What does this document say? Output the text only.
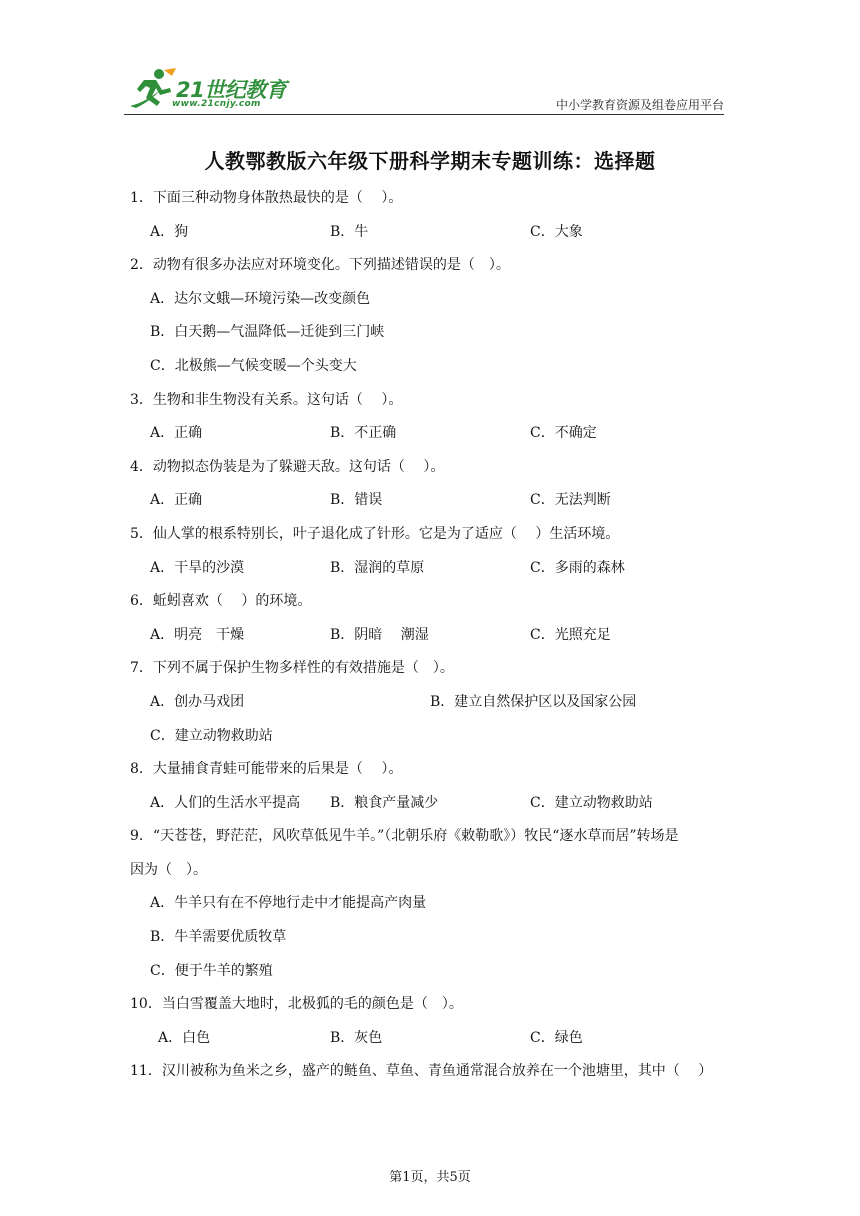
21世纪教育
www.21cnjy.com	中小学教育资源及组卷应用平台
人教鄂教版六年级下册科学期末专题训练：选择题
1．下面三种动物身体散热最快的是（　 ）。
A．狗	B．牛	C．大象
2．动物有很多办法应对环境变化。下列描述错误的是（　）。
A．达尔文蛾—环境污染—改变颜色
B．白天鹅—气温降低—迁徙到三门峡
C．北极熊—气候变暖—个头变大
3．生物和非生物没有关系。这句话（　 ）。
A．正确	B．不正确	C．不确定
4．动物拟态伪装是为了躲避天敌。这句话（　 ）。
A．正确	B．错误	C．无法判断
5．仙人掌的根系特别长，叶子退化成了针形。它是为了适应（　 ）生活环境。
A．干旱的沙漠	B．湿润的草原	C．多雨的森林
6．蚯蚓喜欢（　 ）的环境。
A．明亮　干燥	B．阴暗　 潮湿	C．光照充足
7．下列不属于保护生物多样性的有效措施是（　）。
A．创办马戏团	B．建立自然保护区以及国家公园
C．建立动物救助站
8．大量捕食青蛙可能带来的后果是（　 ）。
A．人们的生活水平提高 B．粮食产量减少	C．建立动物救助站
9．“天苍苍，野茫茫，风吹草低见牛羊。”（北朝乐府《敕勒歌》）牧民“逐水草而居”转场是
因为（　）。
A．牛羊只有在不停地行走中才能提高产肉量
B．牛羊需要优质牧草
C．便于牛羊的繁殖
10．当白雪覆盖大地时，北极狐的毛的颜色是（　）。
A．白色	B．灰色	C．绿色
11．汉川被称为鱼米之乡，盛产的鲢鱼、草鱼、青鱼通常混合放养在一个池塘里，其中（　 ）
第1页，共5页
